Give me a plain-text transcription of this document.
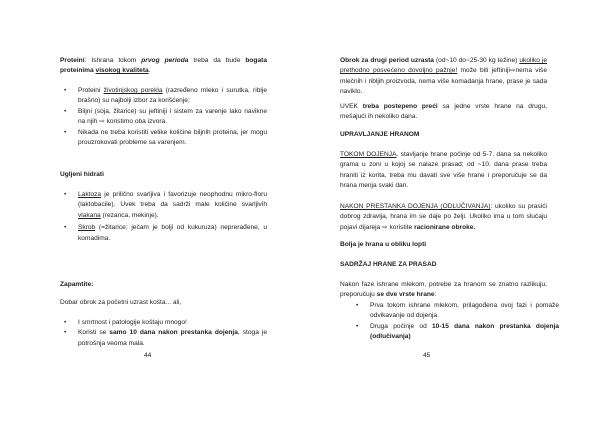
Proteini: Ishrana tokom prvog perioda treba da bude bogata proteinima visokog kvaliteta.

• Proteini životinjskog porekla (razređeno mleko i surutka, riblje brašno) su najbolji izbor za korišćenje;
• Biljni (soja, žitarice) su jeftiniji i sistem za varenje lako navikne na njih ⇨ koristimo oba izvora.
• Nikada ne treba koristiti velike količine biljnih proteina, jer mogu prouzrokovati probleme sa varenjem.

Ugljeni hidrati

• Laktoza je prilično svarljiva i favorizuje neophodnu mikro-floru (laktobacile). Uvek treba da sadrži male količine svarljivih vlakana (rezanca, mekinje).
• Skrob (=žitarice; ječam je bolji od kukuruza) neprerađene, u komadima.

Zapamtite:

Dobar obrok za početni uzrast košta... ali,

• I smrtnost i patologije koštaju mnogo!
• Koristi se samo 10 dana nakon prestanka dojenja, stoga je potrošnja veoma mala.
44

Obrok za drugi period uzrasta (od~10 do~25-30 kg težine) ukoliko je prethodno posvećeno dovoljno pažnje! može biti jeftiniji⇨nema više mlečnih i ribljih proizvoda, nema više komadanja hrane, prase je sada naviklo.

UVEK treba postepeno preći sa jedne vrste hrane na drugu, mešajući ih nekoliko dana.

UPRAVLJANJE HRANOM

TOKOM DOJENJA, stavljanje hrane počinje od 5-7. dana sa nekoliko grama u zoni u kojoj se nalaze prasad; od ~10. dana prase treba hraniti iz korita, treba mu davati sve više hrane i preporučuje se da hrana menja svaki dan.

NAKON PRESTANKA DOJENJA (ODLUČIVANJA): ukoliko su prasići dobrog zdravlja, hrana im se daje po želji. Ukoliko ima u tom slučaju pojavi dijareja ⇨ koristite racionirane obroke.

Bolja je hrana u obliku lopti

SADRŽAJ HRANE ZA PRASAD

Nakon faze ishrane mlekom, potrebe za hranom se znatno razlikuju, preporučuju se dve vrste hrane:

• Prva tokom ishrane mlekom, prilagođena ovoj fazi i pomaže odvikavanje od dojenja.
• Druga počinje od 10-15 dana nakon prestanka dojenja (odlučivanja)
45
